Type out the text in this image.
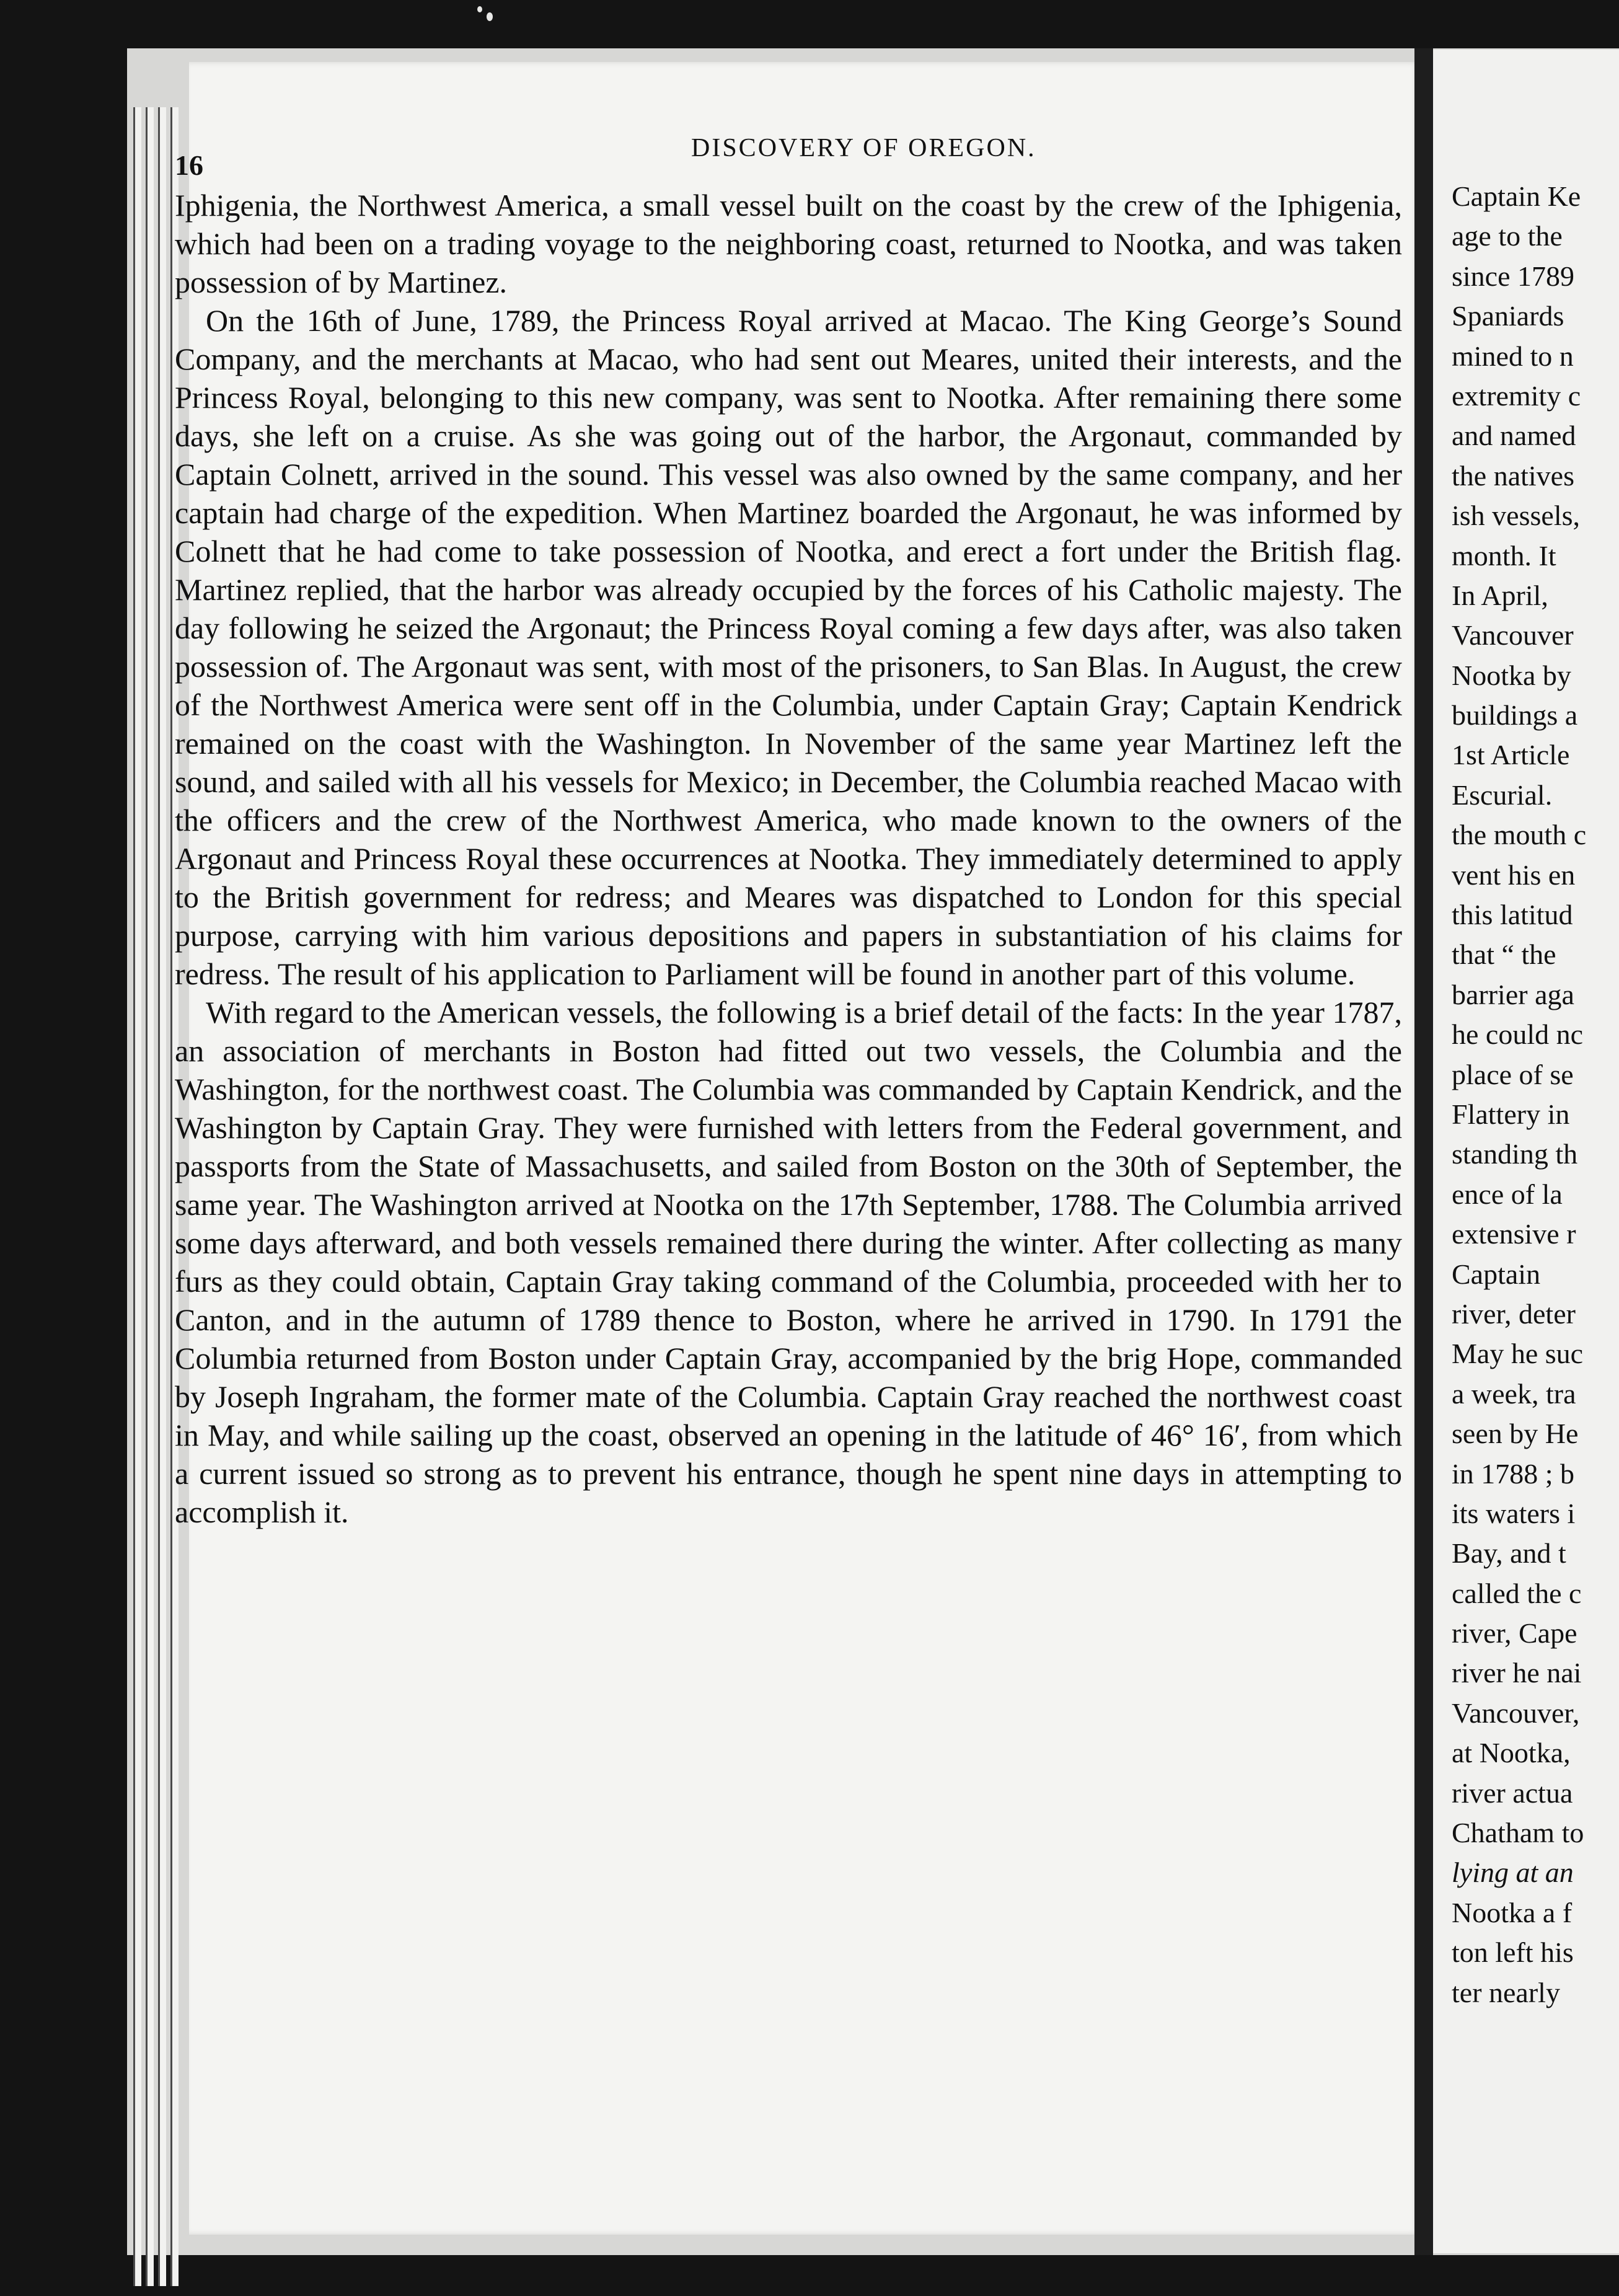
16
DISCOVERY OF OREGON.

Iphigenia, the Northwest America, a small vessel built on the coast by the crew of the Iphigenia, which had been on a trading voyage to the neighboring coast, returned to Nootka, and was taken possession of by Martinez.

On the 16th of June, 1789, the Princess Royal arrived at Macao. The King George’s Sound Company, and the merchants at Macao, who had sent out Meares, united their interests, and the Princess Royal, belonging to this new company, was sent to Nootka. After remaining there some days, she left on a cruise. As she was going out of the harbor, the Argonaut, commanded by Captain Colnett, arrived in the sound. This vessel was also owned by the same company, and her captain had charge of the expedition. When Martinez boarded the Argonaut, he was informed by Colnett that he had come to take possession of Nootka, and erect a fort under the British flag. Martinez replied, that the harbor was already occupied by the forces of his Catholic majesty. The day following he seized the Argonaut; the Princess Royal coming a few days after, was also taken possession of. The Argonaut was sent, with most of the prisoners, to San Blas. In August, the crew of the Northwest America were sent off in the Columbia, under Captain Gray; Captain Kendrick remained on the coast with the Washington. In November of the same year Martinez left the sound, and sailed with all his vessels for Mexico; in December, the Columbia reached Macao with the officers and the crew of the Northwest America, who made known to the owners of the Argonaut and Princess Royal these occurrences at Nootka. They immediately determined to apply to the British government for redress; and Meares was dispatched to London for this special purpose, carrying with him various depositions and papers in substantiation of his claims for redress. The result of his application to Parliament will be found in another part of this volume.

With regard to the American vessels, the following is a brief detail of the facts: In the year 1787, an association of merchants in Boston had fitted out two vessels, the Columbia and the Washington, for the northwest coast. The Columbia was commanded by Captain Kendrick, and the Washington by Captain Gray. They were furnished with letters from the Federal government, and passports from the State of Massachusetts, and sailed from Boston on the 30th of September, the same year. The Washington arrived at Nootka on the 17th September, 1788. The Columbia arrived some days afterward, and both vessels remained there during the winter. After collecting as many furs as they could obtain, Captain Gray taking command of the Columbia, proceeded with her to Canton, and in the autumn of 1789 thence to Boston, where he arrived in 1790. In 1791 the Columbia returned from Boston under Captain Gray, accompanied by the brig Hope, commanded by Joseph Ingraham, the former mate of the Columbia. Captain Gray reached the northwest coast in May, and while sailing up the coast, observed an opening in the latitude of 46° 16′, from which a current issued so strong as to prevent his entrance, though he spent nine days in attempting to accomplish it.

Captain Ke
age to the
since 1789
Spaniards
mined to n
extremity c
and named
the natives
ish vessels,
month. It
In April,
Vancouver
Nootka by
buildings a
1st Article
Escurial.
the mouth c
vent his en
this latitud
that “ the
barrier aga
he could nc
place of se
Flattery in
standing th
ence of la
extensive r
Captain
river, deter
May he suc
a week, tra
seen by He
in 1788 ; b
its waters i
Bay, and t
called the c
river, Cape
river he nai
Vancouver,
at Nootka,
river actua
Chatham to
lying at an
Nootka a f
ton left his
ter nearly
